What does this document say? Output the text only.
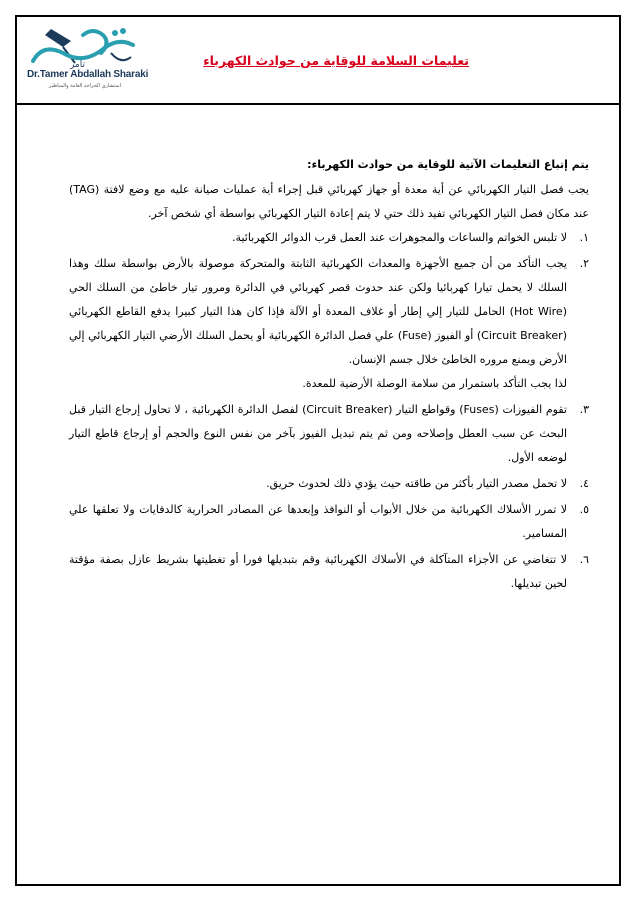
تامر
Dr.Tamer Abdallah Sharaki
استشاري الجراحة العامة والمناظير
تعليمات السلامة للوقاية من حوادث الكهرباء

يتم إتباع التعليمات الآتية للوقاية من حوادث الكهرباء:

يجب فصل التيار الكهربائي عن أية معدة أو جهاز كهربائي قبل إجراء أية عمليات صيانة عليه مع وضع لافتة (TAG) عند مكان فصل التيار الكهربائي تفيد ذلك حتي لا يتم إعادة التيار الكهربائي بواسطة أي شخص آخر.

١.
لا تلبس الخواتم والساعات والمجوهرات عند العمل قرب الدوائر الكهربائية.
٢.
يجب التأكد من أن جميع الأجهزة والمعدات الكهربائية الثابتة والمتحركة موصولة بالأرض بواسطة سلك وهذا السلك لا يحمل تيارا كهربائيا ولكن عند حدوث قصر كهربائي في الدائرة ومرور تيار خاطئ من السلك الحي (Hot Wire) الحامل للتيار إلي إطار أو غلاف المعدة أو الآلة فإذا كان هذا التيار كبيرا يدفع القاطع الكهربائي (Circuit Breaker) أو الفيوز (Fuse) علي فصل الدائرة الكهربائية أو يحمل السلك الأرضي التيار الكهربائي إلي الأرض ويمنع مروره الخاطئ خلال جسم الإنسان.

لذا يجب التأكد باستمرار من سلامة الوصلة الأرضية للمعدة.

٣.
تقوم الفيوزات (Fuses) وقواطع التيار (Circuit Breaker) لفصل الدائرة الكهربائية ، لا تحاول إرجاع التيار قبل البحث عن سبب العطل وإصلاحه ومن ثم يتم تبديل الفيوز بآخر من نفس النوع والحجم أو إرجاع قاطع التيار لوضعه الأول.
٤.
لا تحمل مصدر التيار بأكثر من طاقته حيث يؤدي ذلك لحدوث حريق.
٥.
لا تمرر الأسلاك الكهربائية من خلال الأبواب أو النوافذ وإبعدها عن المصادر الحرارية كالدفايات ولا تعلقها علي المسامير.
٦.
لا تتغاضي عن الأجزاء المتآكلة في الأسلاك الكهربائية وقم بتبديلها فورا أو تغطيتها بشريط عازل بصفة مؤقتة لحين تبديلها.
